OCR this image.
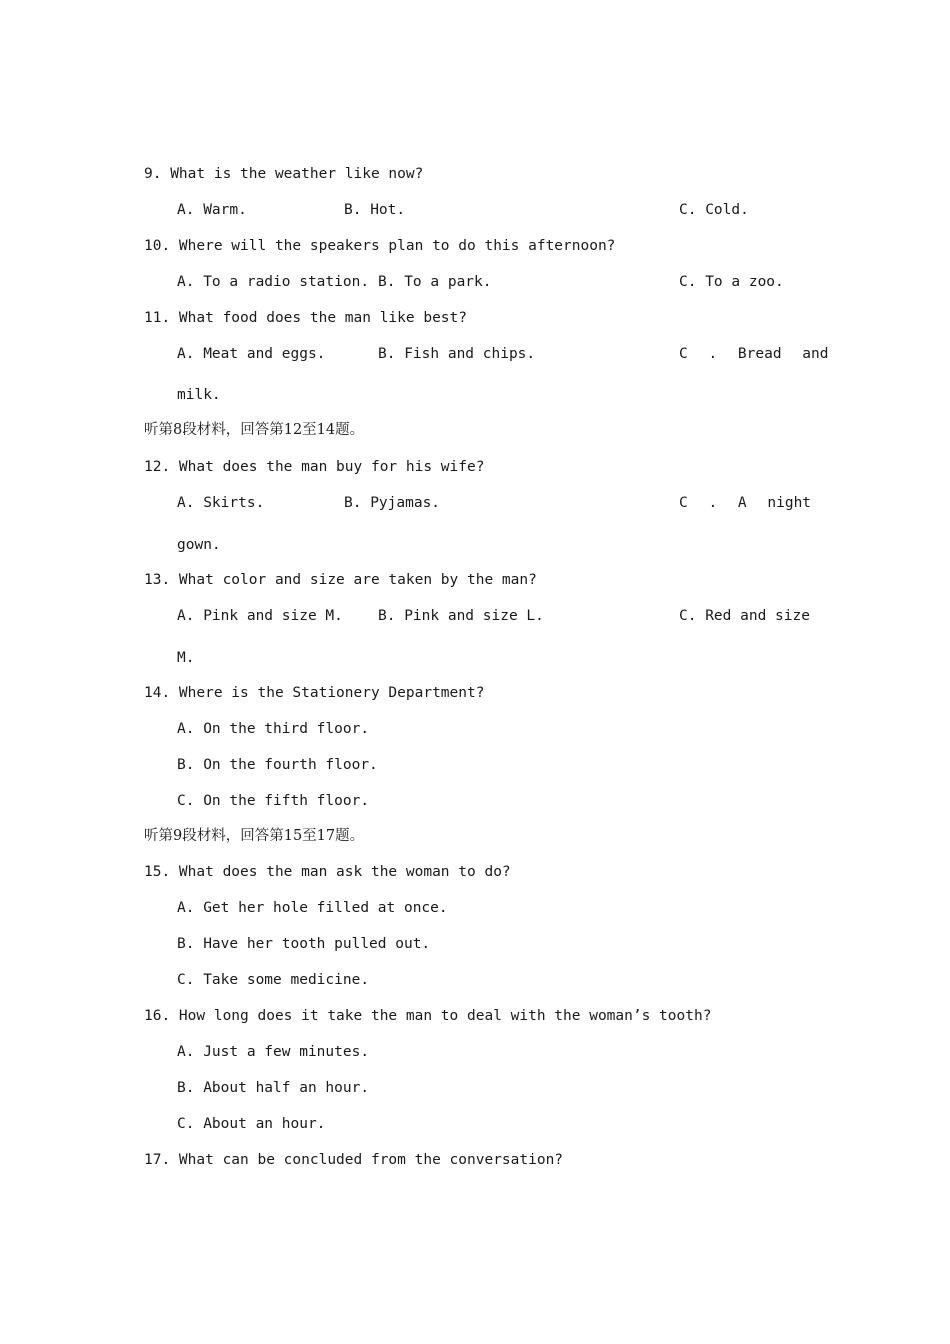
9. What is the weather like now?
A. Warm.	B. Hot.	C. Cold.
10. Where will the speakers plan to do this afternoon?
A. To a radio station. B. To a park.	C. To a zoo.
11. What food does the man like best?
A. Meat and eggs.	B. Fish and chips.	C . Bread and
milk.
听第8段材料，回答第12至14题。
12. What does the man buy for his wife?
A. Skirts.	B. Pyjamas.	C . A night
gown.
13. What color and size are taken by the man?
A. Pink and size M. B. Pink and size L.	C. Red and size
M.
14. Where is the Stationery Department?
A. On the third floor.
B. On the fourth floor.
C. On the fifth floor.
听第9段材料，回答第15至17题。
15. What does the man ask the woman to do?
A. Get her hole filled at once.
B. Have her tooth pulled out.
C. Take some medicine.
16. How long does it take the man to deal with the woman’s tooth?
A. Just a few minutes.
B. About half an hour.
C. About an hour.
17. What can be concluded from the conversation?
